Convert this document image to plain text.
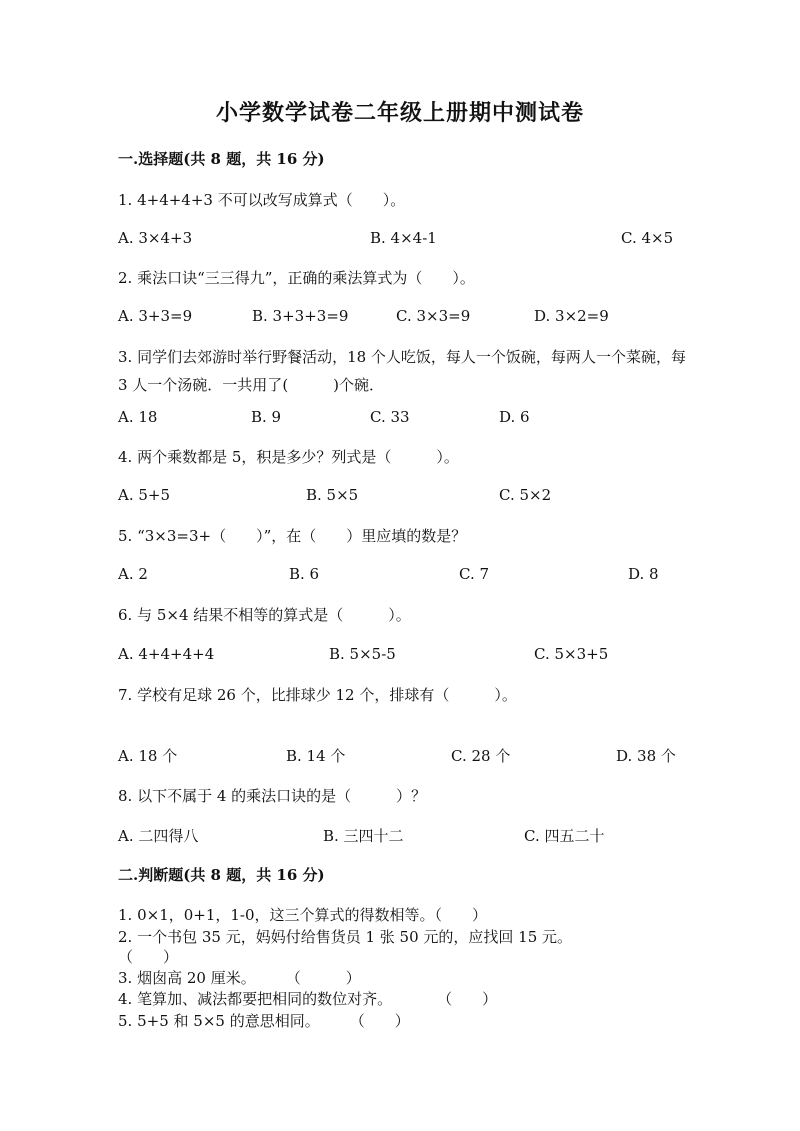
小学数学试卷二年级上册期中测试卷
一.选择题(共 8 题，共 16 分)
1. 4+4+4+3 不可以改写成算式（　　）。
A. 3×4+3	B. 4×4-1	C. 4×5
2. 乘法口诀“三三得九”，正确的乘法算式为（　　）。
A. 3+3=9	B. 3+3+3=9	C. 3×3=9	D. 3×2=9
3. 同学们去郊游时举行野餐活动，18 个人吃饭，每人一个饭碗，每两人一个菜碗，每 3 人一个汤碗．一共用了(　　　)个碗．
A. 18	B. 9	C. 33	D. 6
4. 两个乘数都是 5，积是多少？列式是（　　　）。
A. 5+5	B. 5×5	C. 5×2
5. “3×3=3+（　　）”，在（　　）里应填的数是？
A. 2	B. 6	C. 7	D. 8
6. 与 5×4 结果不相等的算式是（　　　）。
A. 4+4+4+4	B. 5×5-5	C. 5×3+5
7. 学校有足球 26 个，比排球少 12 个，排球有（　　　）。
A. 18 个	B. 14 个	C. 28 个	D. 38 个
8. 以下不属于 4 的乘法口诀的是（　　　）？
A. 二四得八	B. 三四十二	C. 四五二十
二.判断题(共 8 题，共 16 分)
1. 0×1，0+1，1-0，这三个算式的得数相等。（　　）
2. 一个书包 35 元，妈妈付给售货员 1 张 50 元的，应找回 15 元。
（　　）
3. 烟囱高 20 厘米。　　　（　　　）
4. 笔算加、减法都要把相同的数位对齐。　　　　（　　）
5. 5+5 和 5×5 的意思相同。　　　（　　）
